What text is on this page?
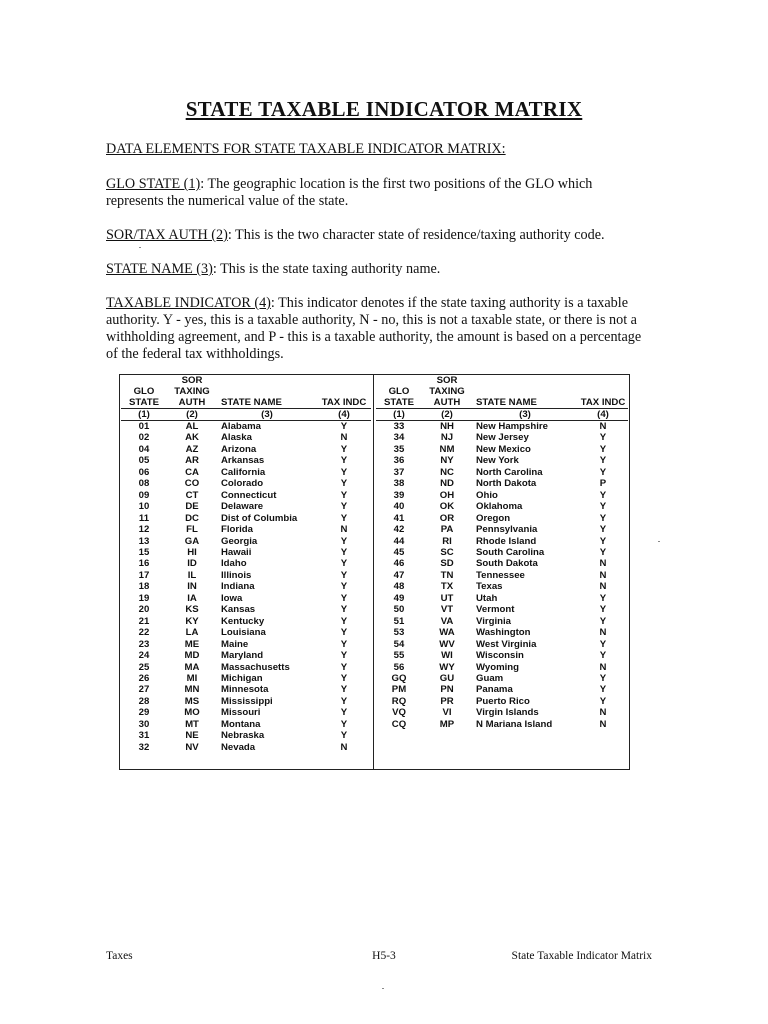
STATE TAXABLE INDICATOR MATRIX
DATA ELEMENTS FOR STATE TAXABLE INDICATOR MATRIX:
GLO STATE (1): The geographic location is the first two positions of the GLO which represents the numerical value of the state.
SOR/TAX AUTH (2): This is the two character state of residence/taxing authority code.
STATE NAME (3): This is the state taxing authority name.
TAXABLE INDICATOR (4): This indicator denotes if the state taxing authority is a taxable authority. Y - yes, this is a taxable authority, N - no, this is not a taxable state, or there is not a withholding agreement, and P - this is a taxable authority, the amount is based on a percentage of the federal tax withholdings.
	SOR		
GLO STATE	TAXING AUTH	STATE NAME	TAX INDC
(1)	(2)	(3)	(4)
01	AL	Alabama	Y
02	AK	Alaska	N
04	AZ	Arizona	Y
05	AR	Arkansas	Y
06	CA	California	Y
08	CO	Colorado	Y
09	CT	Connecticut	Y
10	DE	Delaware	Y
11	DC	Dist of Columbia	Y
12	FL	Florida	N
13	GA	Georgia	Y
15	HI	Hawaii	Y
16	ID	Idaho	Y
17	IL	Illinois	Y
18	IN	Indiana	Y
19	IA	Iowa	Y
20	KS	Kansas	Y
21	KY	Kentucky	Y
22	LA	Louisiana	Y
23	ME	Maine	Y
24	MD	Maryland	Y
25	MA	Massachusetts	Y
26	MI	Michigan	Y
27	MN	Minnesota	Y
28	MS	Mississippi	Y
29	MO	Missouri	Y
30	MT	Montana	Y
31	NE	Nebraska	Y
32	NV	Nevada	N
	SOR		
GLO STATE	TAXING AUTH	STATE NAME	TAX INDC
(1)	(2)	(3)	(4)
33	NH	New Hampshire	N
34	NJ	New Jersey	Y
35	NM	New Mexico	Y
36	NY	New York	Y
37	NC	North Carolina	Y
38	ND	North Dakota	P
39	OH	Ohio	Y
40	OK	Oklahoma	Y
41	OR	Oregon	Y
42	PA	Pennsylvania	Y
44	RI	Rhode Island	Y
45	SC	South Carolina	Y
46	SD	South Dakota	N
47	TN	Tennessee	N
48	TX	Texas	N
49	UT	Utah	Y
50	VT	Vermont	Y
51	VA	Virginia	Y
53	WA	Washington	N
54	WV	West Virginia	Y
55	WI	Wisconsin	Y
56	WY	Wyoming	N
GQ	GU	Guam	Y
PM	PN	Panama	Y
RQ	PR	Puerto Rico	Y
VQ	VI	Virgin Islands	N
CQ	MP	N Mariana Island	N
Taxes	H5-3	State Taxable Indicator Matrix
